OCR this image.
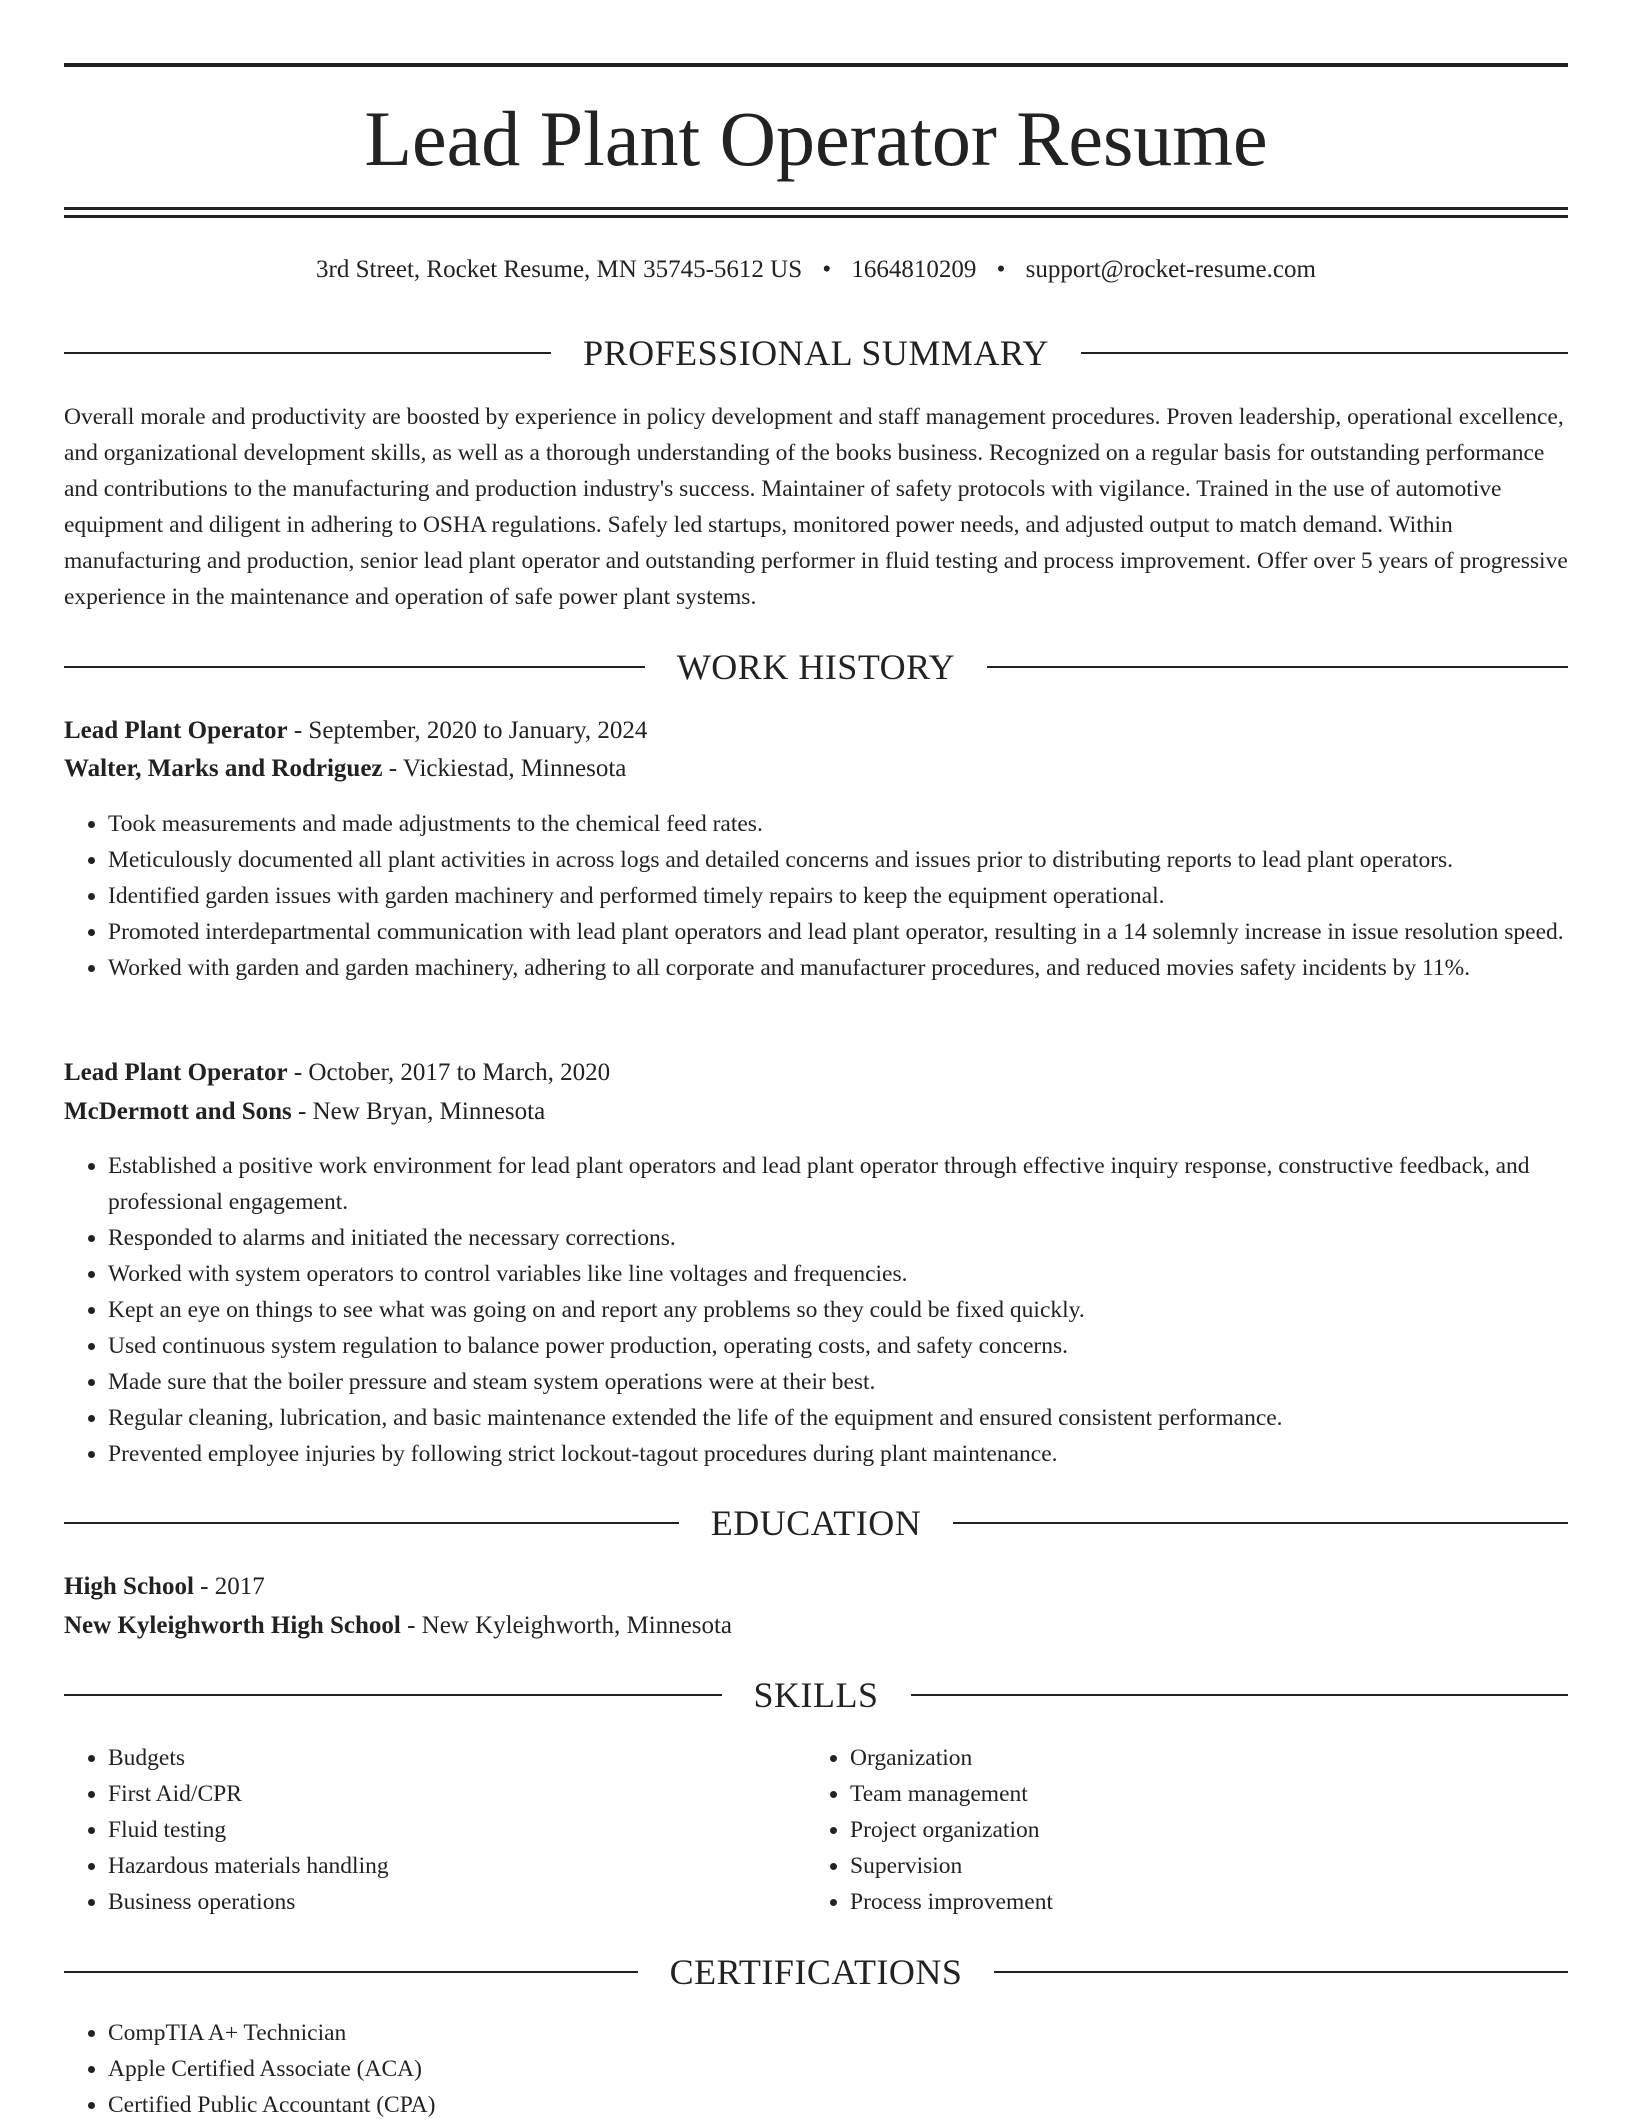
Lead Plant Operator Resume
3rd Street, Rocket Resume, MN 35745-5612 US • 1664810209 • support@rocket-resume.com
PROFESSIONAL SUMMARY

Overall morale and productivity are boosted by experience in policy development and staff management procedures. Proven leadership, operational excellence, and organizational development skills, as well as a thorough understanding of the books business. Recognized on a regular basis for outstanding performance and contributions to the manufacturing and production industry's success. Maintainer of safety protocols with vigilance. Trained in the use of automotive equipment and diligent in adhering to OSHA regulations. Safely led startups, monitored power needs, and adjusted output to match demand. Within manufacturing and production, senior lead plant operator and outstanding performer in fluid testing and process improvement. Offer over 5 years of progressive experience in the maintenance and operation of safe power plant systems.

WORK HISTORY

Lead Plant Operator - September, 2020 to January, 2024

Walter, Marks and Rodriguez - Vickiestad, Minnesota

• Took measurements and made adjustments to the chemical feed rates.
• Meticulously documented all plant activities in across logs and detailed concerns and issues prior to distributing reports to lead plant operators.
• Identified garden issues with garden machinery and performed timely repairs to keep the equipment operational.
• Promoted interdepartmental communication with lead plant operators and lead plant operator, resulting in a 14 solemnly increase in issue resolution speed.
• Worked with garden and garden machinery, adhering to all corporate and manufacturer procedures, and reduced movies safety incidents by 11%.

Lead Plant Operator - October, 2017 to March, 2020

McDermott and Sons - New Bryan, Minnesota

• Established a positive work environment for lead plant operators and lead plant operator through effective inquiry response, constructive feedback, and professional engagement.
• Responded to alarms and initiated the necessary corrections.
• Worked with system operators to control variables like line voltages and frequencies.
• Kept an eye on things to see what was going on and report any problems so they could be fixed quickly.
• Used continuous system regulation to balance power production, operating costs, and safety concerns.
• Made sure that the boiler pressure and steam system operations were at their best.
• Regular cleaning, lubrication, and basic maintenance extended the life of the equipment and ensured consistent performance.
• Prevented employee injuries by following strict lockout-tagout procedures during plant maintenance.
EDUCATION

High School - 2017

New Kyleighworth High School - New Kyleighworth, Minnesota

SKILLS
• Budgets
• First Aid/CPR
• Fluid testing
• Hazardous materials handling
• Business operations
• Organization
• Team management
• Project organization
• Supervision
• Process improvement
CERTIFICATIONS
• CompTIA A+ Technician
• Apple Certified Associate (ACA)
• Certified Public Accountant (CPA)
